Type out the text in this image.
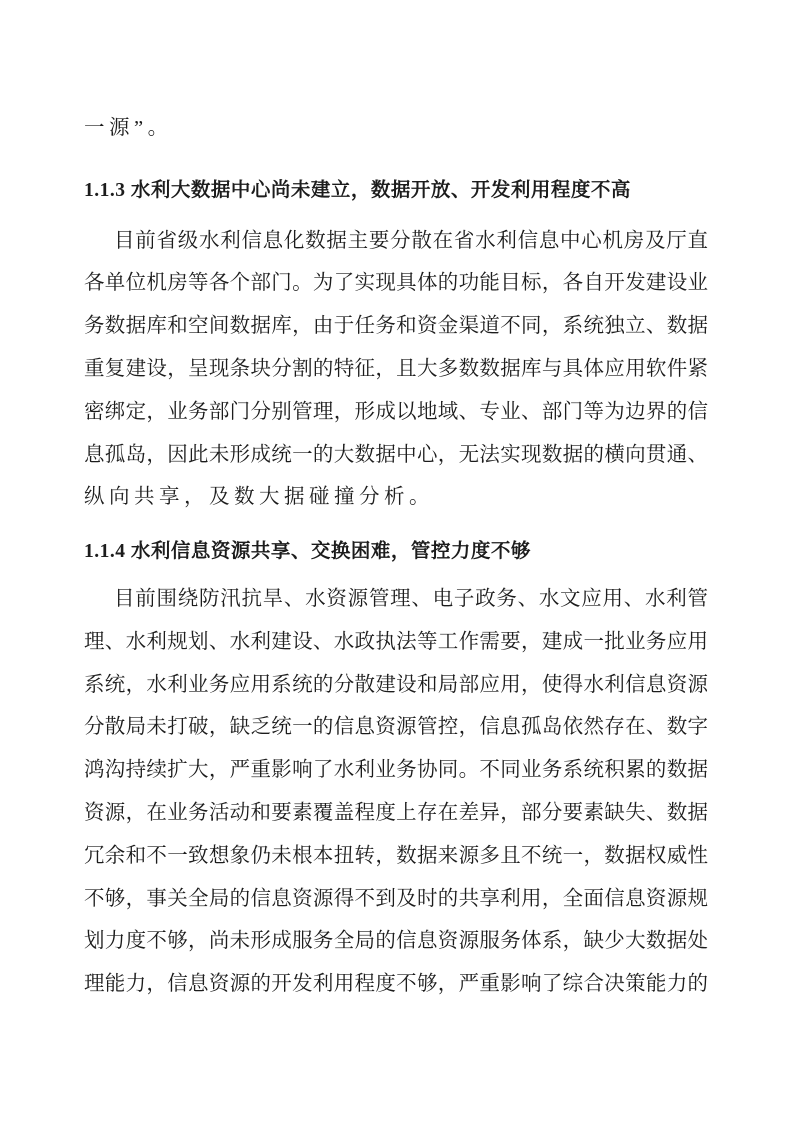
一源”。

1.1.3 水利大数据中心尚未建立，数据开放、开发利用程度不高
目前省级水利信息化数据主要分散在省水利信息中心机房及厅直
各单位机房等各个部门。为了实现具体的功能目标，各自开发建设业
务数据库和空间数据库，由于任务和资金渠道不同，系统独立、数据
重复建设，呈现条块分割的特征，且大多数数据库与具体应用软件紧
密绑定，业务部门分别管理，形成以地域、专业、部门等为边界的信
息孤岛，因此未形成统一的大数据中心，无法实现数据的横向贯通、
纵向共享，及数大据碰撞分析。
1.1.4 水利信息资源共享、交换困难，管控力度不够
目前围绕防汛抗旱、水资源管理、电子政务、水文应用、水利管
理、水利规划、水利建设、水政执法等工作需要，建成一批业务应用
系统，水利业务应用系统的分散建设和局部应用，使得水利信息资源
分散局未打破，缺乏统一的信息资源管控，信息孤岛依然存在、数字
鸿沟持续扩大，严重影响了水利业务协同。不同业务系统积累的数据
资源，在业务活动和要素覆盖程度上存在差异，部分要素缺失、数据
冗余和不一致想象仍未根本扭转，数据来源多且不统一，数据权威性
不够，事关全局的信息资源得不到及时的共享利用，全面信息资源规
划力度不够，尚未形成服务全局的信息资源服务体系，缺少大数据处
理能力，信息资源的开发利用程度不够，严重影响了综合决策能力的
